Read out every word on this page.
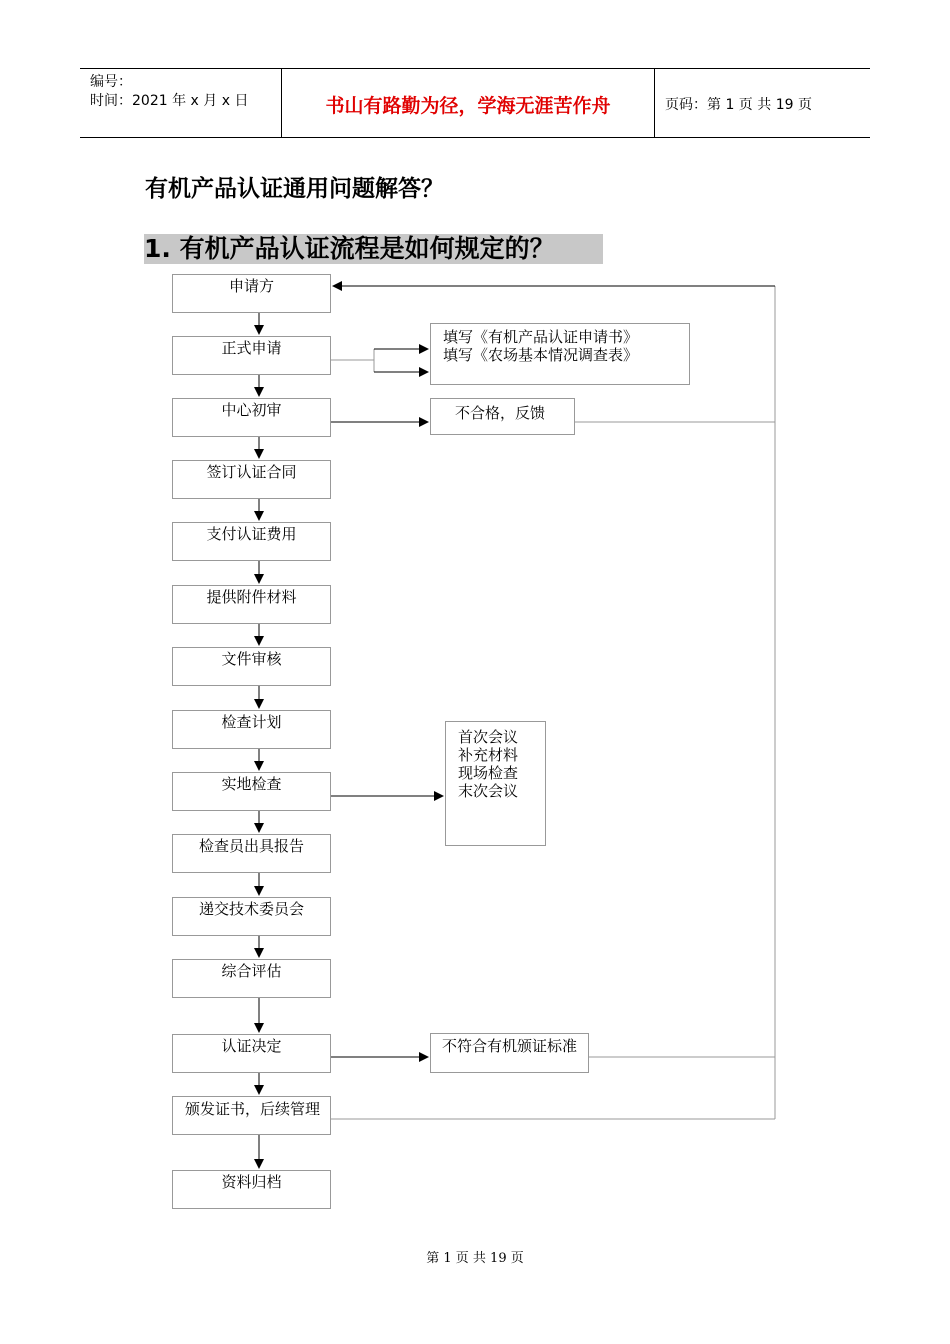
编号：
时间：2021 年 x 月 x 日	书山有路勤为径，学海无涯苦作舟	页码：第 1 页 共 19 页
有机产品认证通用问题解答？
1. 有机产品认证流程是如何规定的？
申请方
正式申请
中心初审
签订认证合同
支付认证费用
提供附件材料
文件审核
检查计划
实地检查
检查员出具报告
递交技术委员会
综合评估
认证决定
颁发证书，后续管理
资料归档
填写《有机产品认证申请书》
填写《农场基本情况调查表》
不合格，反馈
首次会议
补充材料
现场检查
末次会议
不符合有机颁证标准
第 1 页 共 19 页
